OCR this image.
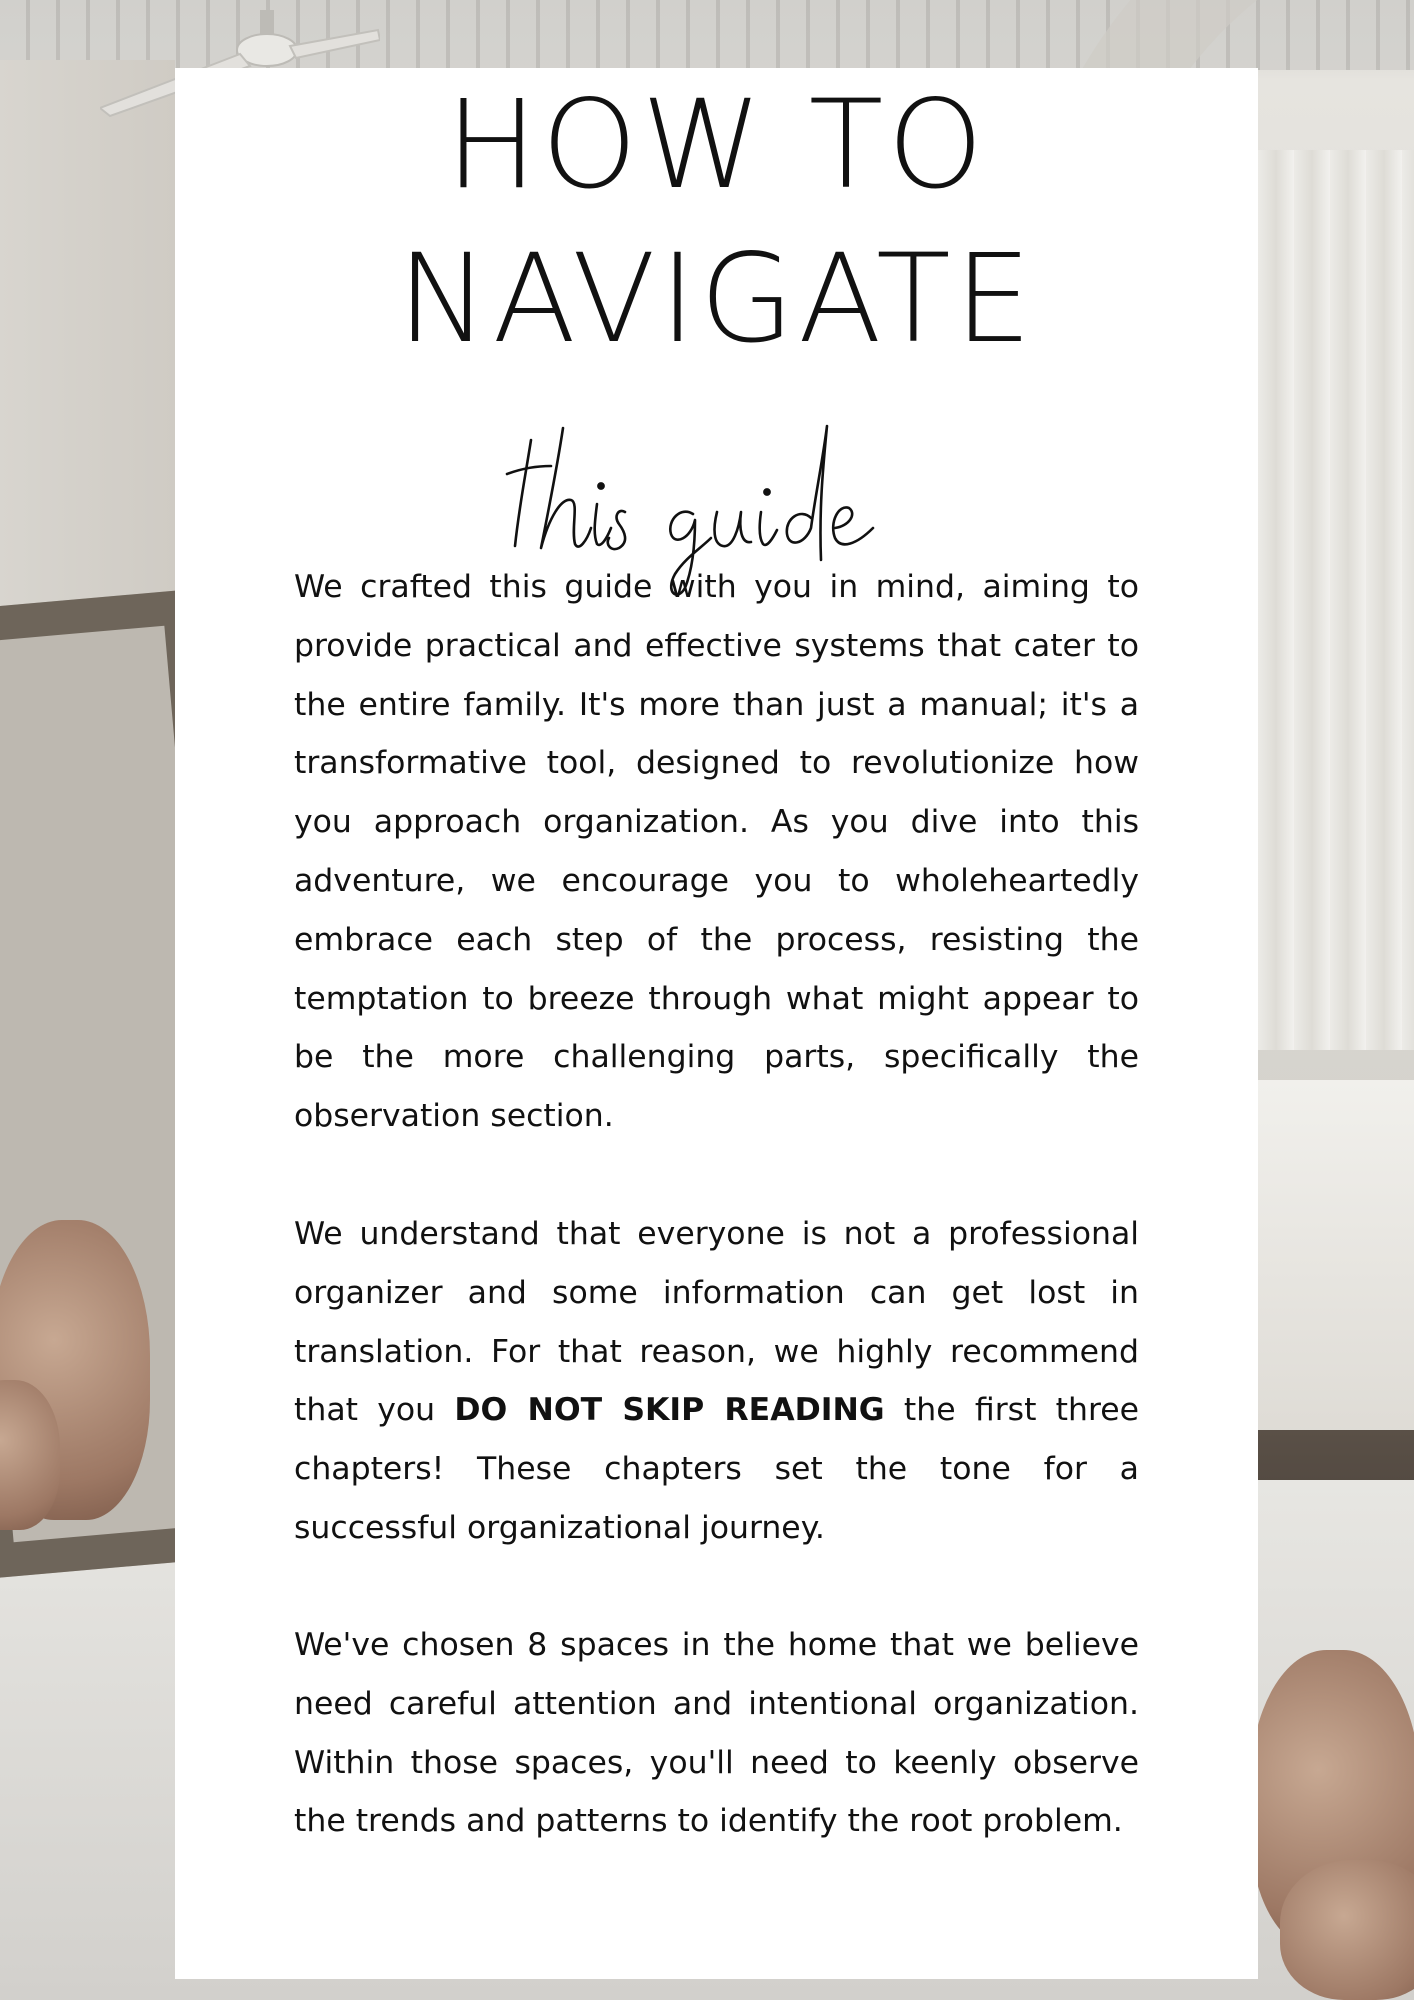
HOW TO
NAVIGATE

We crafted this guide with you in mind, aiming to provide practical and effective systems that cater to the entire family. It's more than just a manual; it's a transformative tool, designed to revolutionize how you approach organization. As you dive into this adventure, we encourage you to wholeheartedly embrace each step of the process, resisting the temptation to breeze through what might appear to be the more challenging parts, specifically the observation section.

We understand that everyone is not a professional organizer and some information can get lost in translation. For that reason, we highly recommend that you DO NOT SKIP READING the first three chapters! These chapters set the tone for a successful organizational journey.

We've chosen 8 spaces in the home that we believe need careful attention and intentional organization. Within those spaces, you'll need to keenly observe the trends and patterns to identify the root problem.
